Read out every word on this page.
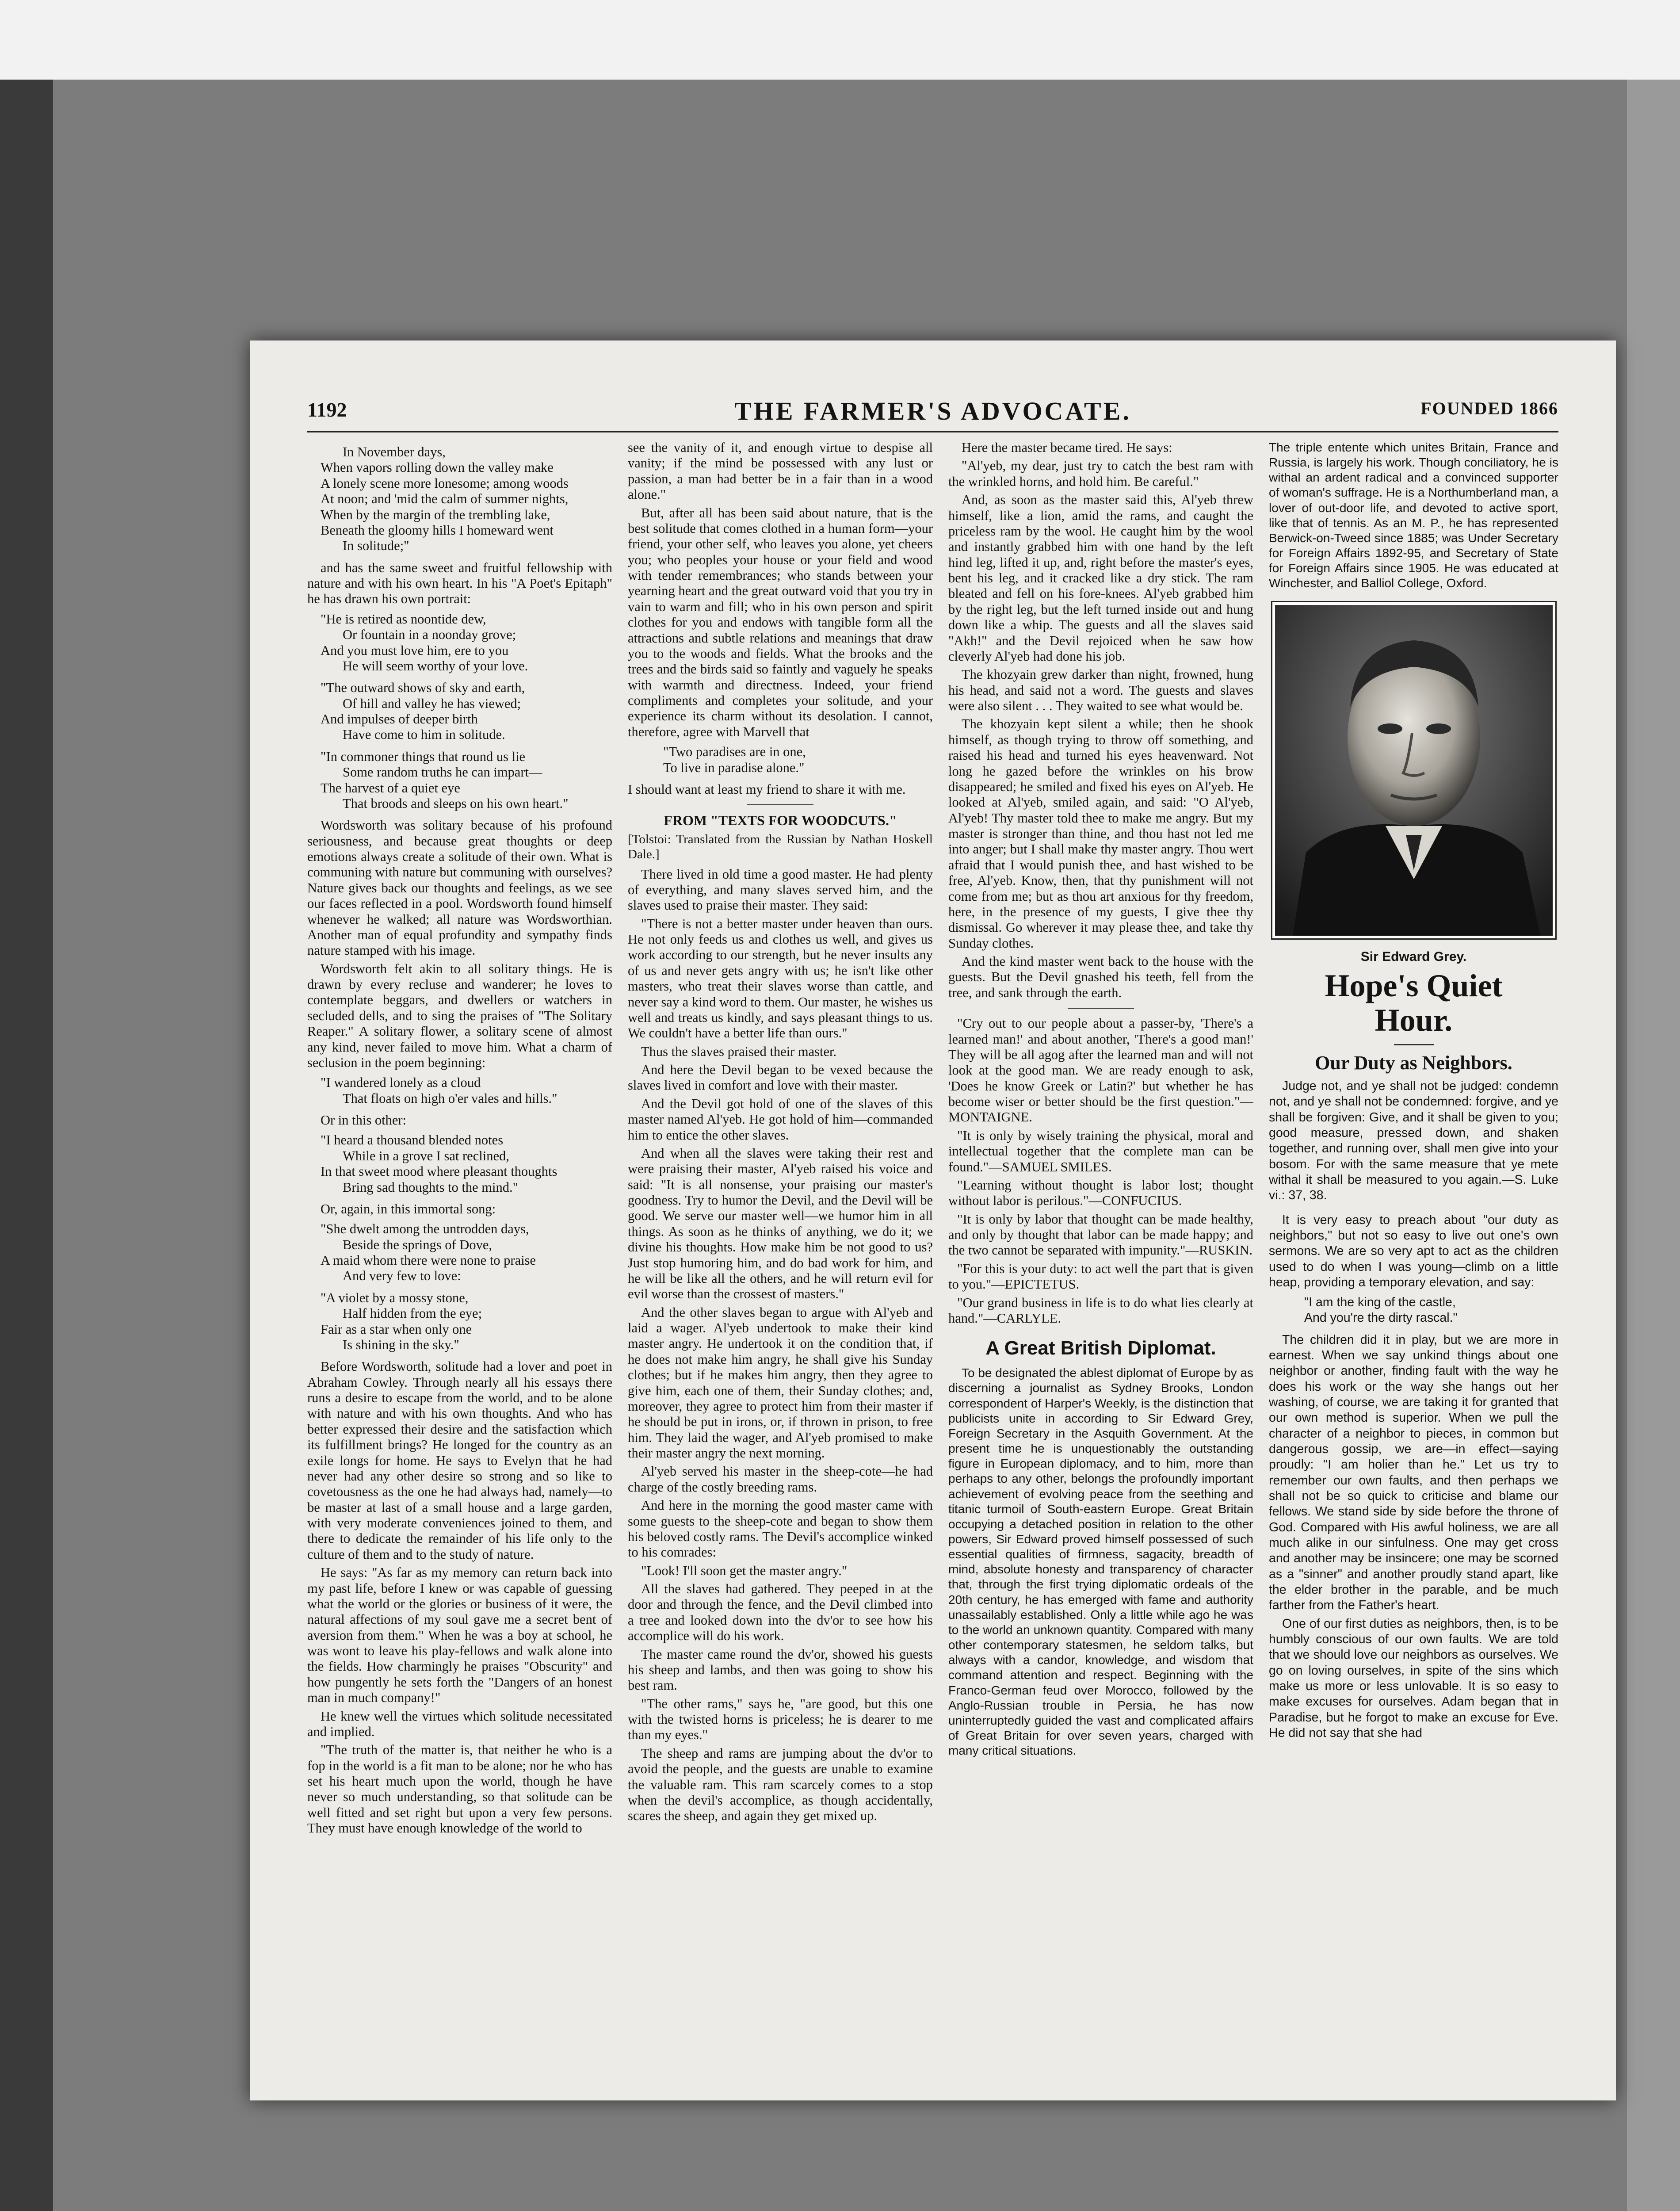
1192	THE FARMER'S ADVOCATE.	FOUNDED 1866
In November days,
When vapors rolling down the valley make
A lonely scene more lonesome; among woods
At noon; and 'mid the calm of summer nights,
When by the margin of the trembling lake,
Beneath the gloomy hills I homeward went
In solitude;"

and has the same sweet and fruitful fellowship with nature and with his own heart. In his "A Poet's Epitaph" he has drawn his own portrait:

"He is retired as noontide dew,
Or fountain in a noonday grove;
And you must love him, ere to you
He will seem worthy of your love.
"The outward shows of sky and earth,
Of hill and valley he has viewed;
And impulses of deeper birth
Have come to him in solitude.
"In commoner things that round us lie
Some random truths he can impart—
The harvest of a quiet eye
That broods and sleeps on his own heart."

Wordsworth was solitary because of his profound seriousness, and because great thoughts or deep emotions always create a solitude of their own. What is communing with nature but communing with ourselves? Nature gives back our thoughts and feelings, as we see our faces reflected in a pool. Wordsworth found himself whenever he walked; all nature was Wordsworthian. Another man of equal profundity and sympathy finds nature stamped with his image.

Wordsworth felt akin to all solitary things. He is drawn by every recluse and wanderer; he loves to contemplate beggars, and dwellers or watchers in secluded dells, and to sing the praises of "The Solitary Reaper." A solitary flower, a solitary scene of almost any kind, never failed to move him. What a charm of seclusion in the poem beginning:

"I wandered lonely as a cloud
That floats on high o'er vales and hills."

Or in this other:

"I heard a thousand blended notes
While in a grove I sat reclined,
In that sweet mood where pleasant thoughts
Bring sad thoughts to the mind."

Or, again, in this immortal song:

"She dwelt among the untrodden days,
Beside the springs of Dove,
A maid whom there were none to praise
And very few to love:
"A violet by a mossy stone,
Half hidden from the eye;
Fair as a star when only one
Is shining in the sky."

Before Wordsworth, solitude had a lover and poet in Abraham Cowley. Through nearly all his essays there runs a desire to escape from the world, and to be alone with nature and with his own thoughts. And who has better expressed their desire and the satisfaction which its fulfillment brings? He longed for the country as an exile longs for home. He says to Evelyn that he had never had any other desire so strong and so like to covetousness as the one he had always had, namely—to be master at last of a small house and a large garden, with very moderate conveniences joined to them, and there to dedicate the remainder of his life only to the culture of them and to the study of nature.

He says: "As far as my memory can return back into my past life, before I knew or was capable of guessing what the world or the glories or business of it were, the natural affections of my soul gave me a secret bent of aversion from them." When he was a boy at school, he was wont to leave his play-fellows and walk alone into the fields. How charmingly he praises "Obscurity" and how pungently he sets forth the "Dangers of an honest man in much company!"

He knew well the virtues which solitude necessitated and implied.

"The truth of the matter is, that neither he who is a fop in the world is a fit man to be alone; nor he who has set his heart much upon the world, though he have never so much understanding, so that solitude can be well fitted and set right but upon a very few persons. They must have enough knowledge of the world to

see the vanity of it, and enough virtue to despise all vanity; if the mind be possessed with any lust or passion, a man had better be in a fair than in a wood alone."

But, after all has been said about nature, that is the best solitude that comes clothed in a human form—your friend, your other self, who leaves you alone, yet cheers you; who peoples your house or your field and wood with tender remembrances; who stands between your yearning heart and the great outward void that you try in vain to warm and fill; who in his own person and spirit clothes for you and endows with tangible form all the attractions and subtle relations and meanings that draw you to the woods and fields. What the brooks and the trees and the birds said so faintly and vaguely he speaks with warmth and directness. Indeed, your friend compliments and completes your solitude, and your experience its charm without its desolation. I cannot, therefore, agree with Marvell that

"Two paradises are in one,
To live in paradise alone."

I should want at least my friend to share it with me.

FROM "TEXTS FOR WOODCUTS."

[Tolstoi: Translated from the Russian by Nathan Hoskell Dale.]

There lived in old time a good master. He had plenty of everything, and many slaves served him, and the slaves used to praise their master. They said:

"There is not a better master under heaven than ours. He not only feeds us and clothes us well, and gives us work according to our strength, but he never insults any of us and never gets angry with us; he isn't like other masters, who treat their slaves worse than cattle, and never say a kind word to them. Our master, he wishes us well and treats us kindly, and says pleasant things to us. We couldn't have a better life than ours."

Thus the slaves praised their master.

And here the Devil began to be vexed because the slaves lived in comfort and love with their master.

And the Devil got hold of one of the slaves of this master named Al'yeb. He got hold of him—commanded him to entice the other slaves.

And when all the slaves were taking their rest and were praising their master, Al'yeb raised his voice and said: "It is all nonsense, your praising our master's goodness. Try to humor the Devil, and the Devil will be good. We serve our master well—we humor him in all things. As soon as he thinks of anything, we do it; we divine his thoughts. How make him be not good to us? Just stop humoring him, and do bad work for him, and he will be like all the others, and he will return evil for evil worse than the crossest of masters."

And the other slaves began to argue with Al'yeb and laid a wager. Al'yeb undertook to make their kind master angry. He undertook it on the condition that, if he does not make him angry, he shall give his Sunday clothes; but if he makes him angry, then they agree to give him, each one of them, their Sunday clothes; and, moreover, they agree to protect him from their master if he should be put in irons, or, if thrown in prison, to free him. They laid the wager, and Al'yeb promised to make their master angry the next morning.

Al'yeb served his master in the sheep-cote—he had charge of the costly breeding rams.

And here in the morning the good master came with some guests to the sheep-cote and began to show them his beloved costly rams. The Devil's accomplice winked to his comrades:

"Look! I'll soon get the master angry."

All the slaves had gathered. They peeped in at the door and through the fence, and the Devil climbed into a tree and looked down into the dv'or to see how his accomplice will do his work.

The master came round the dv'or, showed his guests his sheep and lambs, and then was going to show his best ram.

"The other rams," says he, "are good, but this one with the twisted horns is priceless; he is dearer to me than my eyes."

The sheep and rams are jumping about the dv'or to avoid the people, and the guests are unable to examine the valuable ram. This ram scarcely comes to a stop when the devil's accomplice, as though accidentally, scares the sheep, and again they get mixed up.

Here the master became tired. He says:

"Al'yeb, my dear, just try to catch the best ram with the wrinkled horns, and hold him. Be careful."

And, as soon as the master said this, Al'yeb threw himself, like a lion, amid the rams, and caught the priceless ram by the wool. He caught him by the wool and instantly grabbed him with one hand by the left hind leg, lifted it up, and, right before the master's eyes, bent his leg, and it cracked like a dry stick. The ram bleated and fell on his fore-knees. Al'yeb grabbed him by the right leg, but the left turned inside out and hung down like a whip. The guests and all the slaves said "Akh!" and the Devil rejoiced when he saw how cleverly Al'yeb had done his job.

The khozyain grew darker than night, frowned, hung his head, and said not a word. The guests and slaves were also silent . . . They waited to see what would be.

The khozyain kept silent a while; then he shook himself, as though trying to throw off something, and raised his head and turned his eyes heavenward. Not long he gazed before the wrinkles on his brow disappeared; he smiled and fixed his eyes on Al'yeb. He looked at Al'yeb, smiled again, and said: "O Al'yeb, Al'yeb! Thy master told thee to make me angry. But my master is stronger than thine, and thou hast not led me into anger; but I shall make thy master angry. Thou wert afraid that I would punish thee, and hast wished to be free, Al'yeb. Know, then, that thy punishment will not come from me; but as thou art anxious for thy freedom, here, in the presence of my guests, I give thee thy dismissal. Go wherever it may please thee, and take thy Sunday clothes.

And the kind master went back to the house with the guests. But the Devil gnashed his teeth, fell from the tree, and sank through the earth.

"Cry out to our people about a passer-by, 'There's a learned man!' and about another, 'There's a good man!' They will be all agog after the learned man and will not look at the good man. We are ready enough to ask, 'Does he know Greek or Latin?' but whether he has become wiser or better should be the first question."—MONTAIGNE.

"It is only by wisely training the physical, moral and intellectual together that the complete man can be found."—SAMUEL SMILES.

"Learning without thought is labor lost; thought without labor is perilous."—CONFUCIUS.

"It is only by labor that thought can be made healthy, and only by thought that labor can be made happy; and the two cannot be separated with impunity."—RUSKIN.

"For this is your duty: to act well the part that is given to you."—EPICTETUS.

"Our grand business in life is to do what lies clearly at hand."—CARLYLE.

A Great British Diplomat.

To be designated the ablest diplomat of Europe by as discerning a journalist as Sydney Brooks, London correspondent of Harper's Weekly, is the distinction that publicists unite in according to Sir Edward Grey, Foreign Secretary in the Asquith Government. At the present time he is unquestionably the outstanding figure in European diplomacy, and to him, more than perhaps to any other, belongs the profoundly important achievement of evolving peace from the seething and titanic turmoil of South-eastern Europe. Great Britain occupying a detached position in relation to the other powers, Sir Edward proved himself possessed of such essential qualities of firmness, sagacity, breadth of mind, absolute honesty and transparency of character that, through the first trying diplomatic ordeals of the 20th century, he has emerged with fame and authority unassailably established. Only a little while ago he was to the world an unknown quantity. Compared with many other contemporary statesmen, he seldom talks, but always with a candor, knowledge, and wisdom that command attention and respect. Beginning with the Franco-German feud over Morocco, followed by the Anglo-Russian trouble in Persia, he has now uninterruptedly guided the vast and complicated affairs of Great Britain for over seven years, charged with many critical situations.

The triple entente which unites Britain, France and Russia, is largely his work. Though conciliatory, he is withal an ardent radical and a convinced supporter of woman's suffrage. He is a Northumberland man, a lover of out-door life, and devoted to active sport, like that of tennis. As an M. P., he has represented Berwick-on-Tweed since 1885; was Under Secretary for Foreign Affairs 1892-95, and Secretary of State for Foreign Affairs since 1905. He was educated at Winchester, and Balliol College, Oxford.

Sir Edward Grey.
Hope's Quiet
Hour.
Our Duty as Neighbors.

Judge not, and ye shall not be judged: condemn not, and ye shall not be condemned: forgive, and ye shall be forgiven: Give, and it shall be given to you; good measure, pressed down, and shaken together, and running over, shall men give into your bosom. For with the same measure that ye mete withal it shall be measured to you again.—S. Luke vi.: 37, 38.

It is very easy to preach about "our duty as neighbors," but not so easy to live out one's own sermons. We are so very apt to act as the children used to do when I was young—climb on a little heap, providing a temporary elevation, and say:

"I am the king of the castle,
And you're the dirty rascal."

The children did it in play, but we are more in earnest. When we say unkind things about one neighbor or another, finding fault with the way he does his work or the way she hangs out her washing, of course, we are taking it for granted that our own method is superior. When we pull the character of a neighbor to pieces, in common but dangerous gossip, we are—in effect—saying proudly: "I am holier than he." Let us try to remember our own faults, and then perhaps we shall not be so quick to criticise and blame our fellows. We stand side by side before the throne of God. Compared with His awful holiness, we are all much alike in our sinfulness. One may get cross and another may be insincere; one may be scorned as a "sinner" and another proudly stand apart, like the elder brother in the parable, and be much farther from the Father's heart.

One of our first duties as neighbors, then, is to be humbly conscious of our own faults. We are told that we should love our neighbors as ourselves. We go on loving ourselves, in spite of the sins which make us more or less unlovable. It is so easy to make excuses for ourselves. Adam began that in Paradise, but he forgot to make an excuse for Eve. He did not say that she had
